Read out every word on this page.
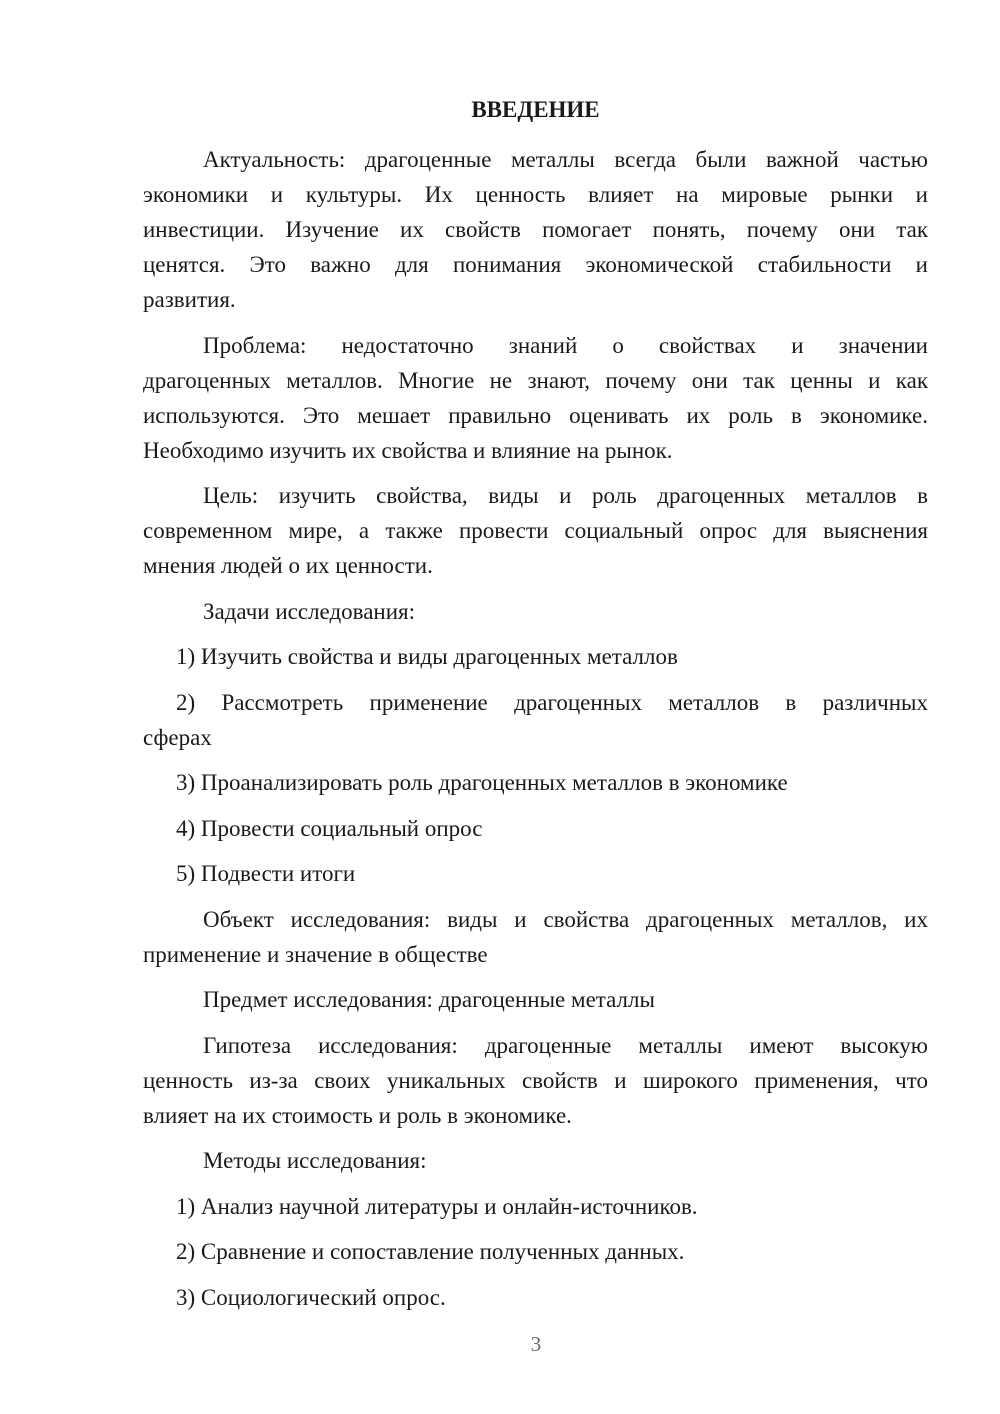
ВВЕДЕНИЕ
Актуальность: драгоценные металлы всегда были важной частью
экономики и культуры. Их ценность влияет на мировые рынки и
инвестиции. Изучение их свойств помогает понять, почему они так
ценятся. Это важно для понимания экономической стабильности и
развития.
Проблема: недостаточно знаний о свойствах и значении
драгоценных металлов. Многие не знают, почему они так ценны и как
используются. Это мешает правильно оценивать их роль в экономике.
Необходимо изучить их свойства и влияние на рынок.
Цель: изучить свойства, виды и роль драгоценных металлов в
современном мире, а также провести социальный опрос для выяснения
мнения людей о их ценности.
Задачи исследования:
1) Изучить свойства и виды драгоценных металлов
2) Рассмотреть применение драгоценных металлов в различных
сферах
3) Проанализировать роль драгоценных металлов в экономике
4) Провести социальный опрос
5) Подвести итоги
Объект исследования: виды и свойства драгоценных металлов, их
применение и значение в обществе
Предмет исследования: драгоценные металлы
Гипотеза исследования: драгоценные металлы имеют высокую
ценность из-за своих уникальных свойств и широкого применения, что
влияет на их стоимость и роль в экономике.
Методы исследования:
1) Анализ научной литературы и онлайн-источников.
2) Сравнение и сопоставление полученных данных.
3) Социологический опрос.
3
